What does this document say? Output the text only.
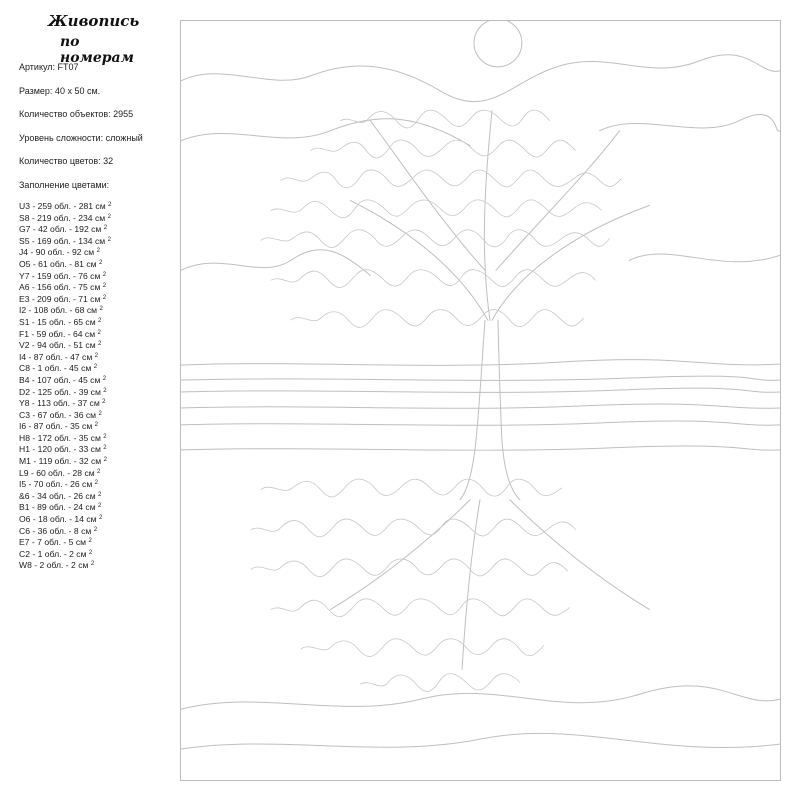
Живопись
по номерам
Артикул: FT07
Размер: 40 х 50 см.
Количество объектов: 2955
Уровень сложности: сложный
Количество цветов: 32
Заполнение цветами:
U3 - 259 обл. - 281 см $^2$
S8 - 219 обл. - 234 см $^2$
G7 - 42 обл. - 192 см $^2$
S5 - 169 обл. - 134 см $^2$
J4 - 90 обл. - 92 см $^2$
O5 - 61 обл. - 81 см $^2$
Y7 - 159 обл. - 76 см $^2$
A6 - 156 обл. - 75 см $^2$
E3 - 209 обл. - 71 см $^2$
I2 - 108 обл. - 68 см $^2$
S1 - 15 обл. - 65 см $^2$
F1 - 59 обл. - 64 см $^2$
V2 - 94 обл. - 51 см $^2$
I4 - 87 обл. - 47 см $^2$
C8 - 1 обл. - 45 см $^2$
B4 - 107 обл. - 45 см $^2$
D2 - 125 обл. - 39 см $^2$
Y8 - 113 обл. - 37 см $^2$
C3 - 67 обл. - 36 см $^2$
I6 - 87 обл. - 35 см $^2$
H8 - 172 обл. - 35 см $^2$
H1 - 120 обл. - 33 см $^2$
M1 - 119 обл. - 32 см $^2$
L9 - 60 обл. - 28 см $^2$
I5 - 70 обл. - 26 см $^2$
&6 - 34 обл. - 26 см $^2$
B1 - 89 обл. - 24 см $^2$
O6 - 18 обл. - 14 см $^2$
C6 - 36 обл. - 8 см $^2$
E7 - 7 обл. - 5 см $^2$
C2 - 1 обл. - 2 см $^2$
W8 - 2 обл. - 2 см $^2$
